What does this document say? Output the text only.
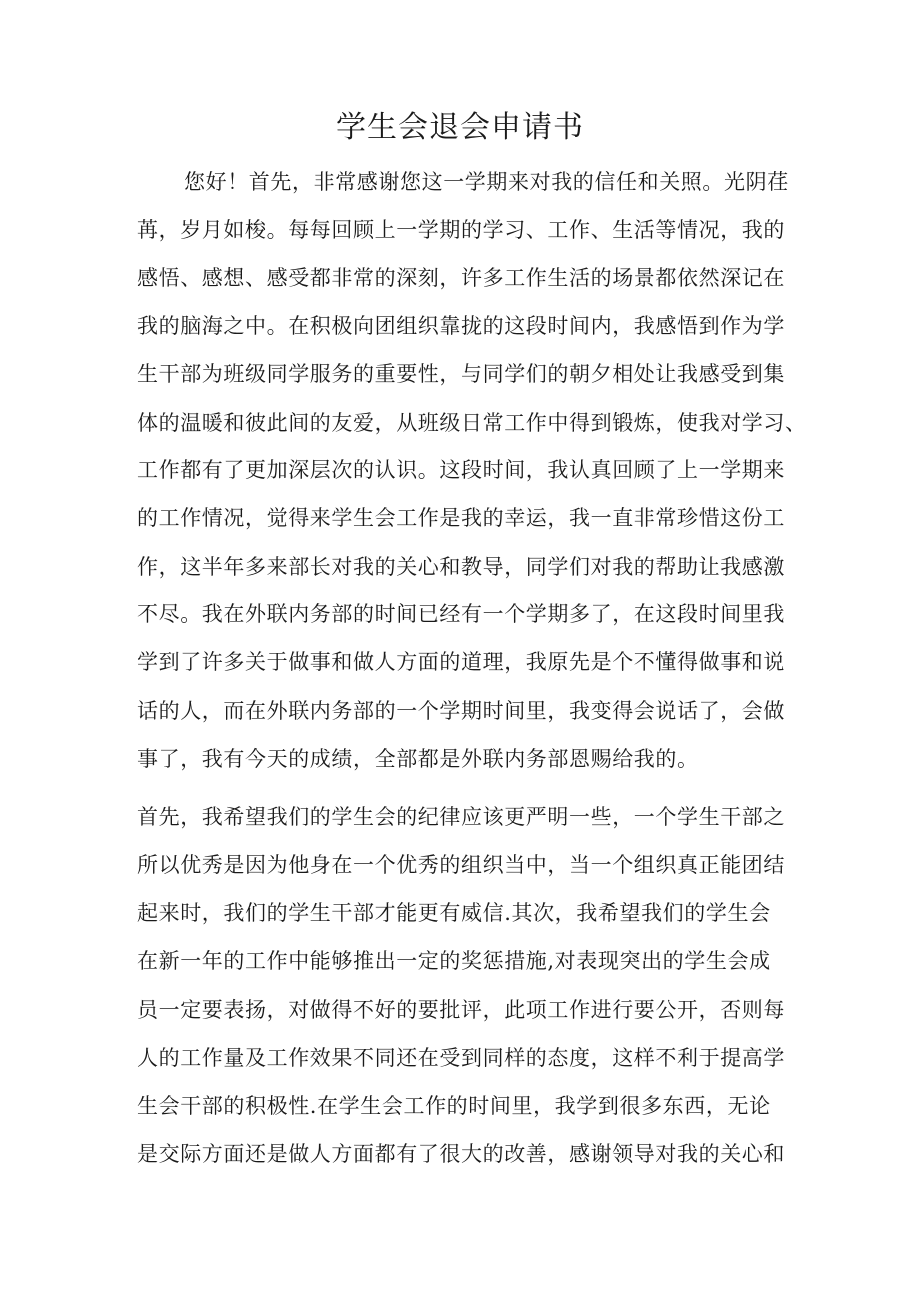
学生会退会申请书
您好！首先，非常感谢您这一学期来对我的信任和关照。光阴荏
苒，岁月如梭。每每回顾上一学期的学习、工作、生活等情况，我的
感悟、感想、感受都非常的深刻，许多工作生活的场景都依然深记在
我的脑海之中。在积极向团组织靠拢的这段时间内，我感悟到作为学
生干部为班级同学服务的重要性，与同学们的朝夕相处让我感受到集
体的温暖和彼此间的友爱，从班级日常工作中得到锻炼，使我对学习、
工作都有了更加深层次的认识。这段时间，我认真回顾了上一学期来
的工作情况，觉得来学生会工作是我的幸运，我一直非常珍惜这份工
作，这半年多来部长对我的关心和教导，同学们对我的帮助让我感激
不尽。我在外联内务部的时间已经有一个学期多了，在这段时间里我
学到了许多关于做事和做人方面的道理，我原先是个不懂得做事和说
话的人，而在外联内务部的一个学期时间里，我变得会说话了，会做
事了，我有今天的成绩，全部都是外联内务部恩赐给我的。
首先，我希望我们的学生会的纪律应该更严明一些，一个学生干部之
所以优秀是因为他身在一个优秀的组织当中，当一个组织真正能团结
起来时，我们的学生干部才能更有威信.其次，我希望我们的学生会
在新一年的工作中能够推出一定的奖惩措施,对表现突出的学生会成
员一定要表扬，对做得不好的要批评，此项工作进行要公开，否则每
人的工作量及工作效果不同还在受到同样的态度，这样不利于提高学
生会干部的积极性.在学生会工作的时间里，我学到很多东西，无论
是交际方面还是做人方面都有了很大的改善，感谢领导对我的关心和
